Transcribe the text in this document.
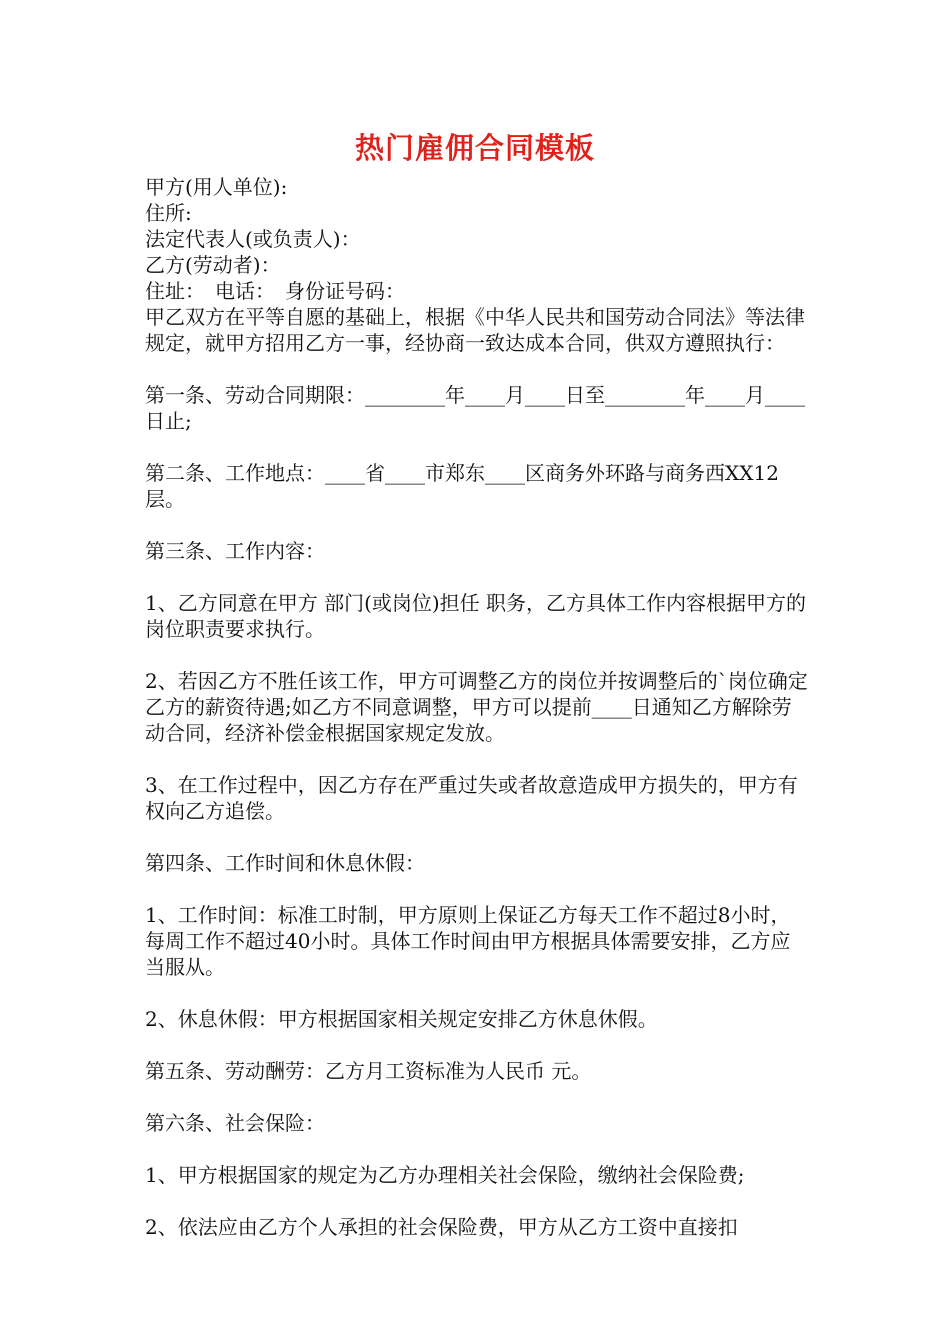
热门雇佣合同模板

甲方(用人单位):

住所:

法定代表人(或负责人)：

乙方(劳动者)：

住址：　电话：　身份证号码：

甲乙双方在平等自愿的基础上，根据《中华人民共和国劳动合同法》等法律规定，就甲方招用乙方一事，经协商一致达成本合同，供双方遵照执行：

第一条、劳动合同期限：________年____月____日至________年____月____日止;

第二条、工作地点：____省____市郑东____区商务外环路与商务西XX12层。

第三条、工作内容：

1、乙方同意在甲方 部门(或岗位)担任 职务，乙方具体工作内容根据甲方的岗位职责要求执行。

2、若因乙方不胜任该工作，甲方可调整乙方的岗位并按调整后的`岗位确定乙方的薪资待遇;如乙方不同意调整，甲方可以提前____日通知乙方解除劳动合同，经济补偿金根据国家规定发放。

3、在工作过程中，因乙方存在严重过失或者故意造成甲方损失的，甲方有权向乙方追偿。

第四条、工作时间和休息休假：

1、工作时间：标准工时制，甲方原则上保证乙方每天工作不超过8小时，每周工作不超过40小时。具体工作时间由甲方根据具体需要安排，乙方应当服从。

2、休息休假：甲方根据国家相关规定安排乙方休息休假。

第五条、劳动酬劳：乙方月工资标准为人民币 元。

第六条、社会保险：

1、甲方根据国家的规定为乙方办理相关社会保险，缴纳社会保险费;

2、依法应由乙方个人承担的社会保险费，甲方从乙方工资中直接扣
